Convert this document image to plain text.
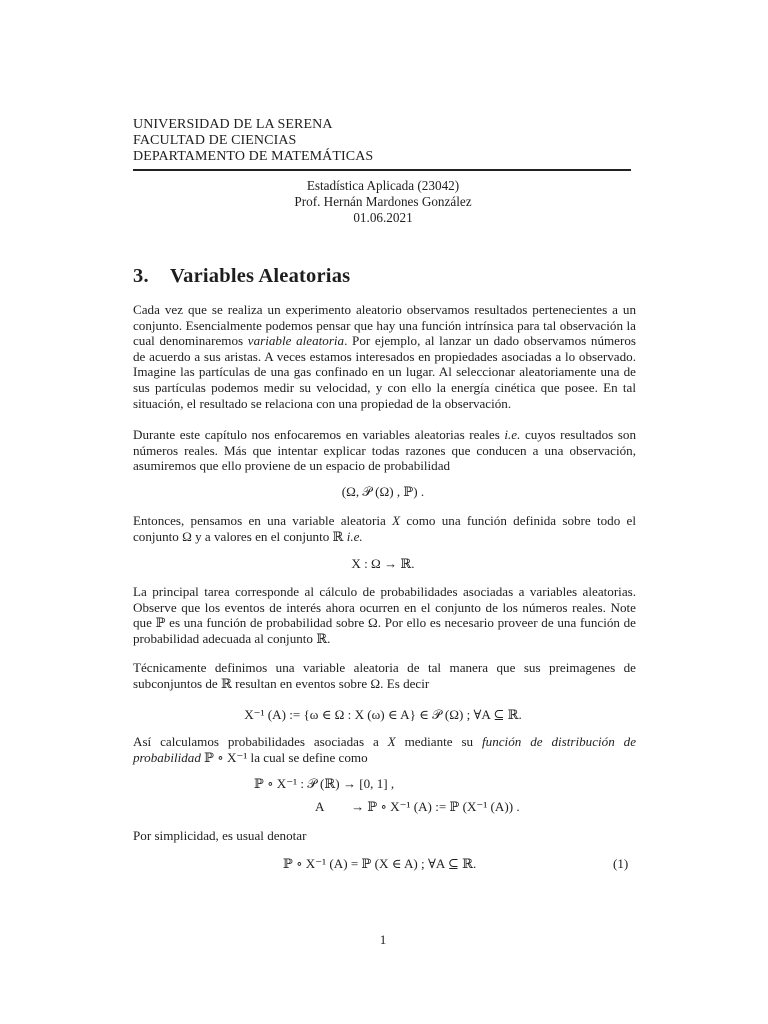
UNIVERSIDAD DE LA SERENA
FACULTAD DE CIENCIAS
DEPARTAMENTO DE MATEMÁTICAS
Estadística Aplicada (23042)
Prof. Hernán Mardones González
01.06.2021
3. Variables Aleatorias
Cada vez que se realiza un experimento aleatorio observamos resultados pertenecientes a un conjunto. Esencialmente podemos pensar que hay una función intrínsica para tal observación la cual denominaremos variable aleatoria. Por ejemplo, al lanzar un dado observamos números de acuerdo a sus aristas. A veces estamos interesados en propiedades asociadas a lo observado. Imagine las partículas de una gas confinado en un lugar. Al seleccionar aleatoriamente una de sus partículas podemos medir su velocidad, y con ello la energía cinética que posee. En tal situación, el resultado se relaciona con una propiedad de la observación.
Durante este capítulo nos enfocaremos en variables aleatorias reales i.e. cuyos resultados son números reales. Más que intentar explicar todas razones que conducen a una observación, asumiremos que ello proviene de un espacio de probabilidad
(Ω, 𝒫 (Ω) , ℙ) .
Entonces, pensamos en una variable aleatoria X como una función definida sobre todo el conjunto Ω y a valores en el conjunto ℝ i.e.
X : Ω → ℝ.
La principal tarea corresponde al cálculo de probabilidades asociadas a variables aleatorias. Observe que los eventos de interés ahora ocurren en el conjunto de los números reales. Note que ℙ es una función de probabilidad sobre Ω. Por ello es necesario proveer de una función de probabilidad adecuada al conjunto ℝ.
Técnicamente definimos una variable aleatoria de tal manera que sus preimagenes de subconjuntos de ℝ resultan en eventos sobre Ω. Es decir
X⁻¹ (A) := {ω ∈ Ω : X (ω) ∈ A} ∈ 𝒫 (Ω) ; ∀A ⊆ ℝ.
Así calculamos probabilidades asociadas a X mediante su función de distribución de probabilidad ℙ ∘ X⁻¹ la cual se define como
ℙ ∘ X⁻¹ : 𝒫 (ℝ) → [0, 1] ,
A → ℙ ∘ X⁻¹ (A) := ℙ (X⁻¹ (A)) .
Por simplicidad, es usual denotar
ℙ ∘ X⁻¹ (A) = ℙ (X ∈ A) ; ∀A ⊆ ℝ.	(1)
1
